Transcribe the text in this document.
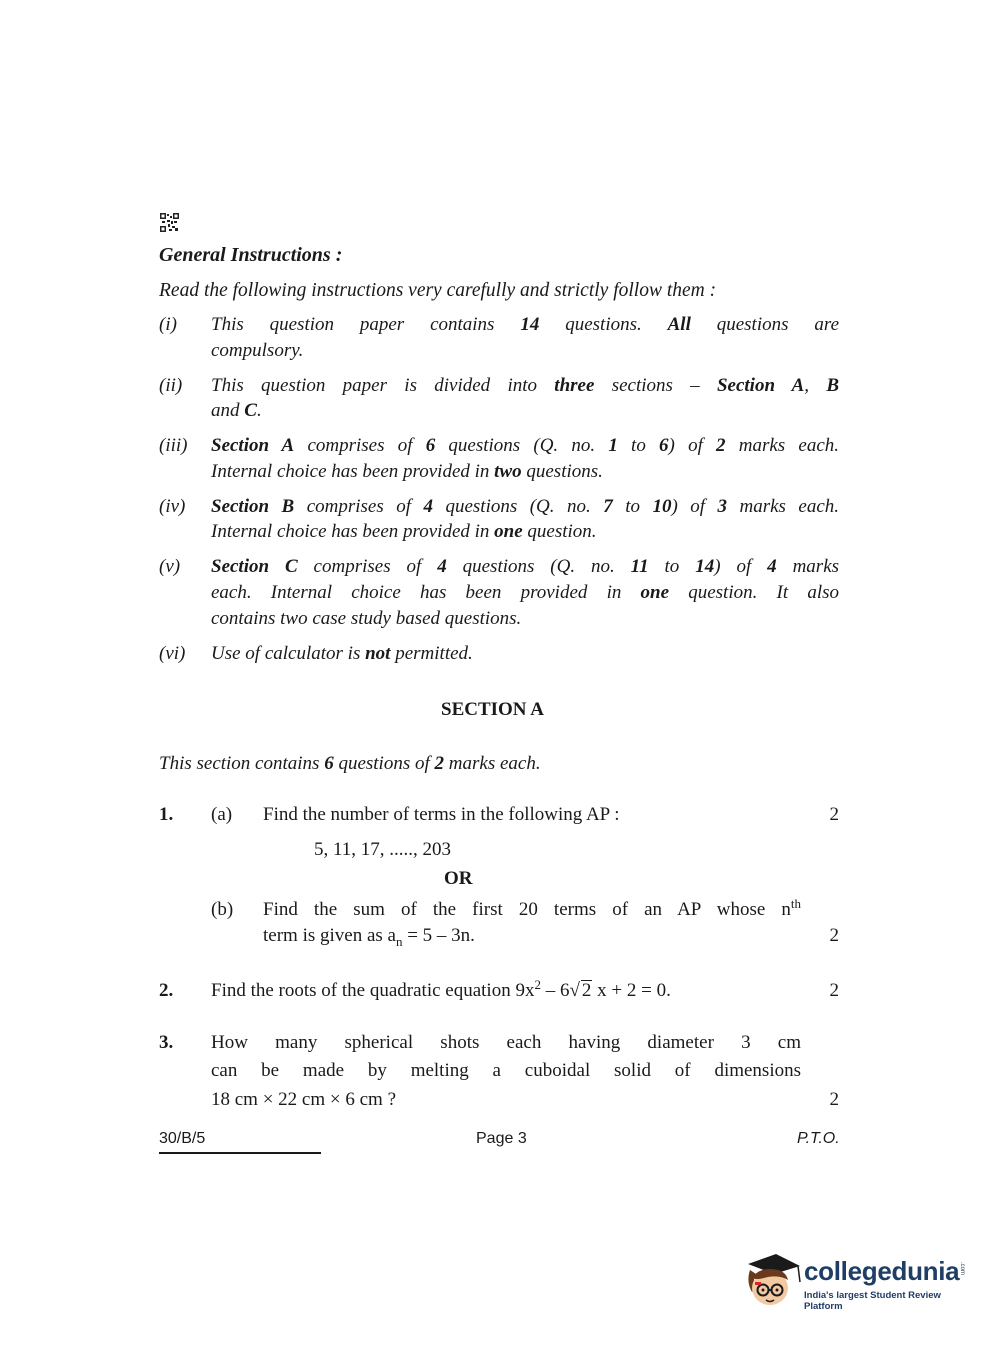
General Instructions :
Read the following instructions very carefully and strictly follow them :
(i) This question paper contains 14 questions. All questions are
compulsory.
(ii) This question paper is divided into three sections – Section A, B
and C.
(iii) Section A comprises of 6 questions (Q. no. 1 to 6) of 2 marks each.
Internal choice has been provided in two questions.
(iv) Section B comprises of 4 questions (Q. no. 7 to 10) of 3 marks each.
Internal choice has been provided in one question.
(v) Section C comprises of 4 questions (Q. no. 11 to 14) of 4 marks
each. Internal choice has been provided in one question. It also
contains two case study based questions.
(vi) Use of calculator is not permitted.
SECTION A
This section contains 6 questions of 2 marks each.
1. (a) Find the number of terms in the following AP :	2
5, 11, 17, ....., 203
OR
(b) Find the sum of the first 20 terms of an AP whose $n^{th}$
term is given as $a_n = 5 - 3n$.	2
2. Find the roots of the quadratic equation $9x^2 - 6√$ 2 x + 2 = 0.	2
3. How many spherical shots each having diameter 3 cm
can be made by melting a cuboidal solid of dimensions
18 cm × 22 cm × 6 cm ?	2
30/B/5	Page 3	P.T.O.
collegedunia .com
India's largest Student Review Platform
